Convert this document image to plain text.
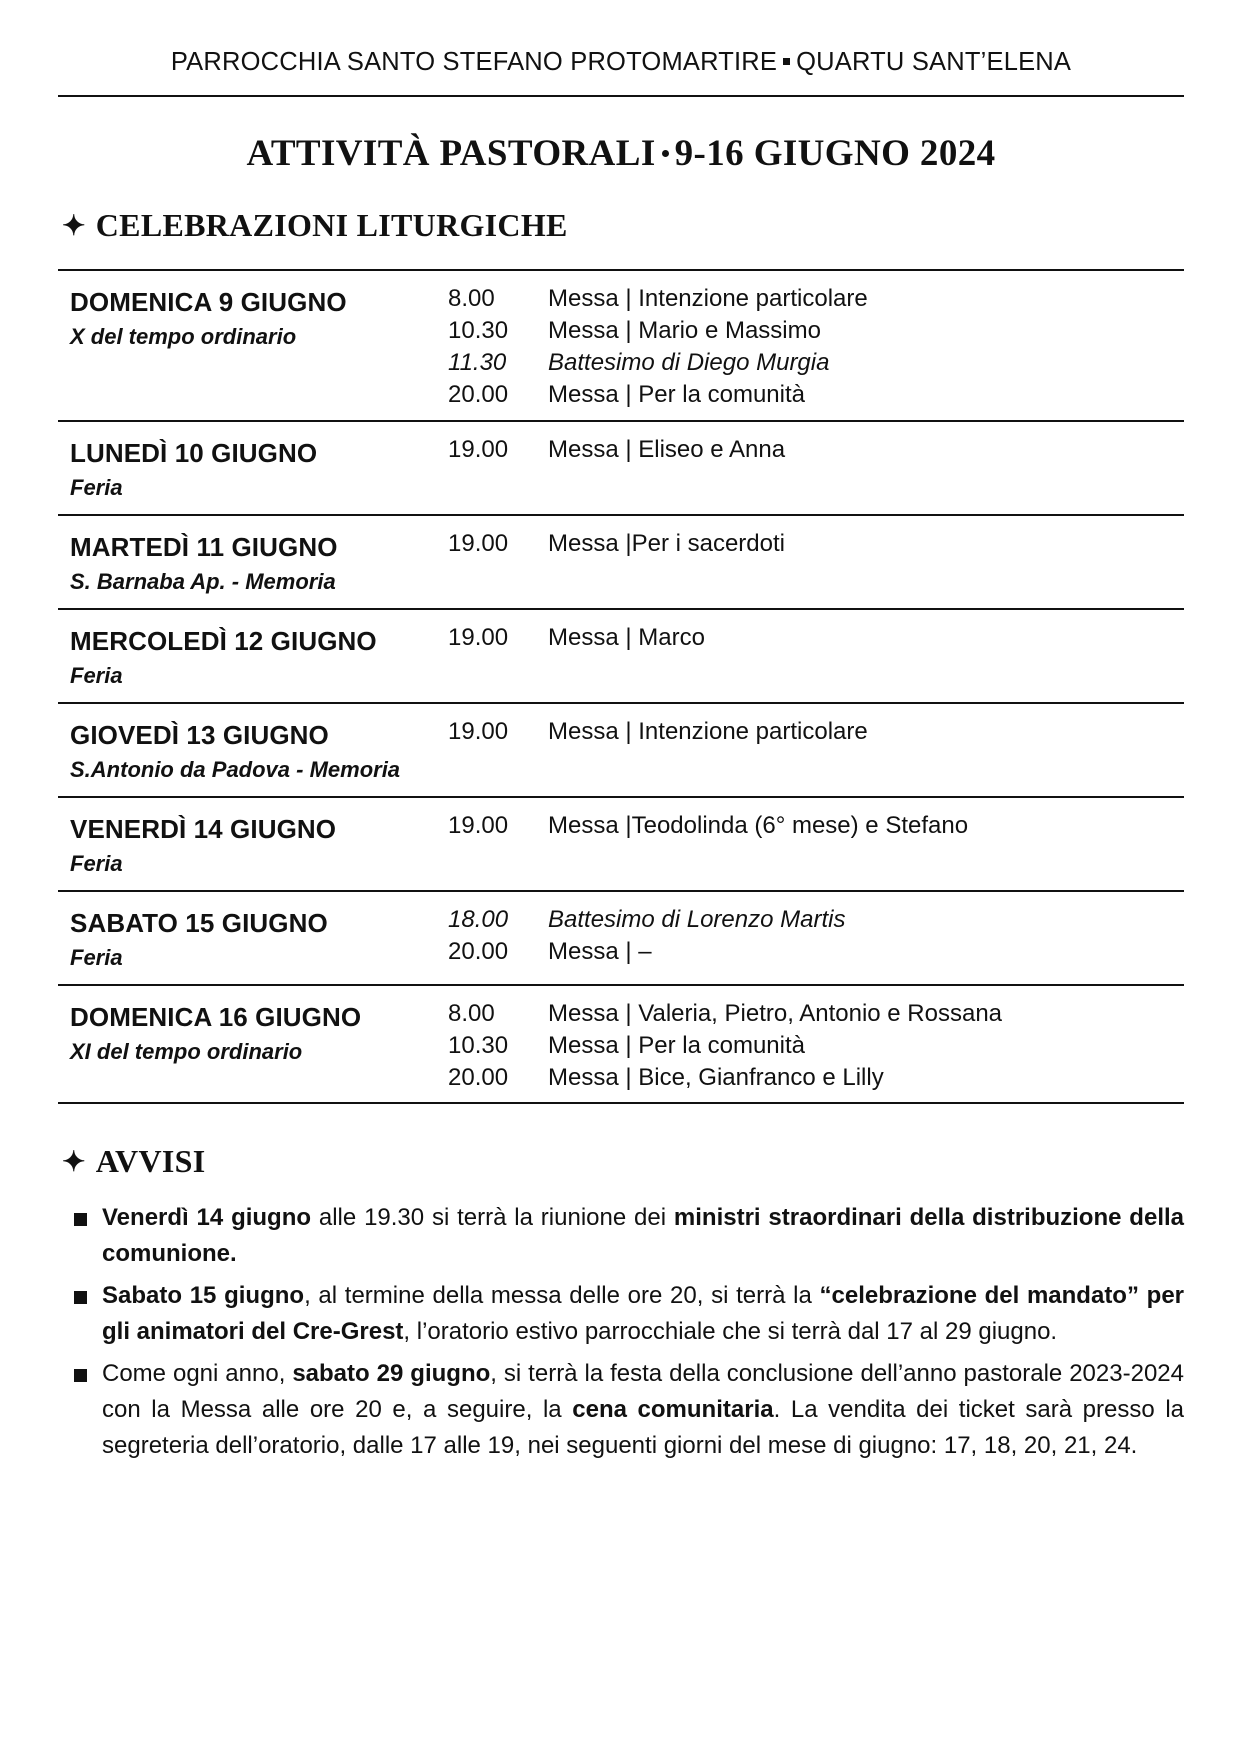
PARROCCHIA SANTO STEFANO PROTOMARTIRE QUARTU SANT’ELENA
ATTIVITÀ PASTORALI 9-16 GIUGNO 2024
✦ CELEBRAZIONI LITURGICHE
DOMENICA 9 GIUGNO
X del tempo ordinario
8.00 Messa | Intenzione particolare
10.30 Messa | Mario e Massimo
11.30 Battesimo di Diego Murgia
20.00 Messa | Per la comunità
LUNEDÌ 10 GIUGNO
Feria
19.00 Messa | Eliseo e Anna
MARTEDÌ 11 GIUGNO
S. Barnaba Ap. - Memoria
19.00 Messa |Per i sacerdoti
MERCOLEDÌ 12 GIUGNO
Feria
19.00 Messa | Marco
GIOVEDÌ 13 GIUGNO
S.Antonio da Padova - Memoria
19.00 Messa | Intenzione particolare
VENERDÌ 14 GIUGNO
Feria
19.00 Messa |Teodolinda (6° mese) e Stefano
SABATO 15 GIUGNO
Feria
18.00 Battesimo di Lorenzo Martis
20.00 Messa | –
DOMENICA 16 GIUGNO
XI del tempo ordinario
8.00 Messa | Valeria, Pietro, Antonio e Rossana
10.30 Messa | Per la comunità
20.00 Messa | Bice, Gianfranco e Lilly
✦ AVVISI
Venerdì 14 giugno alle 19.30 si terrà la riunione dei ministri straordinari della distribuzione della comunione.
Sabato 15 giugno, al termine della messa delle ore 20, si terrà la “celebrazione del mandato” per gli animatori del Cre-Grest, l’oratorio estivo parrocchiale che si terrà dal 17 al 29 giugno.
Come ogni anno, sabato 29 giugno, si terrà la festa della conclusione dell’anno pastorale 2023-2024 con la Messa alle ore 20 e, a seguire, la cena comunitaria. La vendita dei ticket sarà presso la segreteria dell’oratorio, dalle 17 alle 19, nei seguenti giorni del mese di giugno: 17, 18, 20, 21, 24.
